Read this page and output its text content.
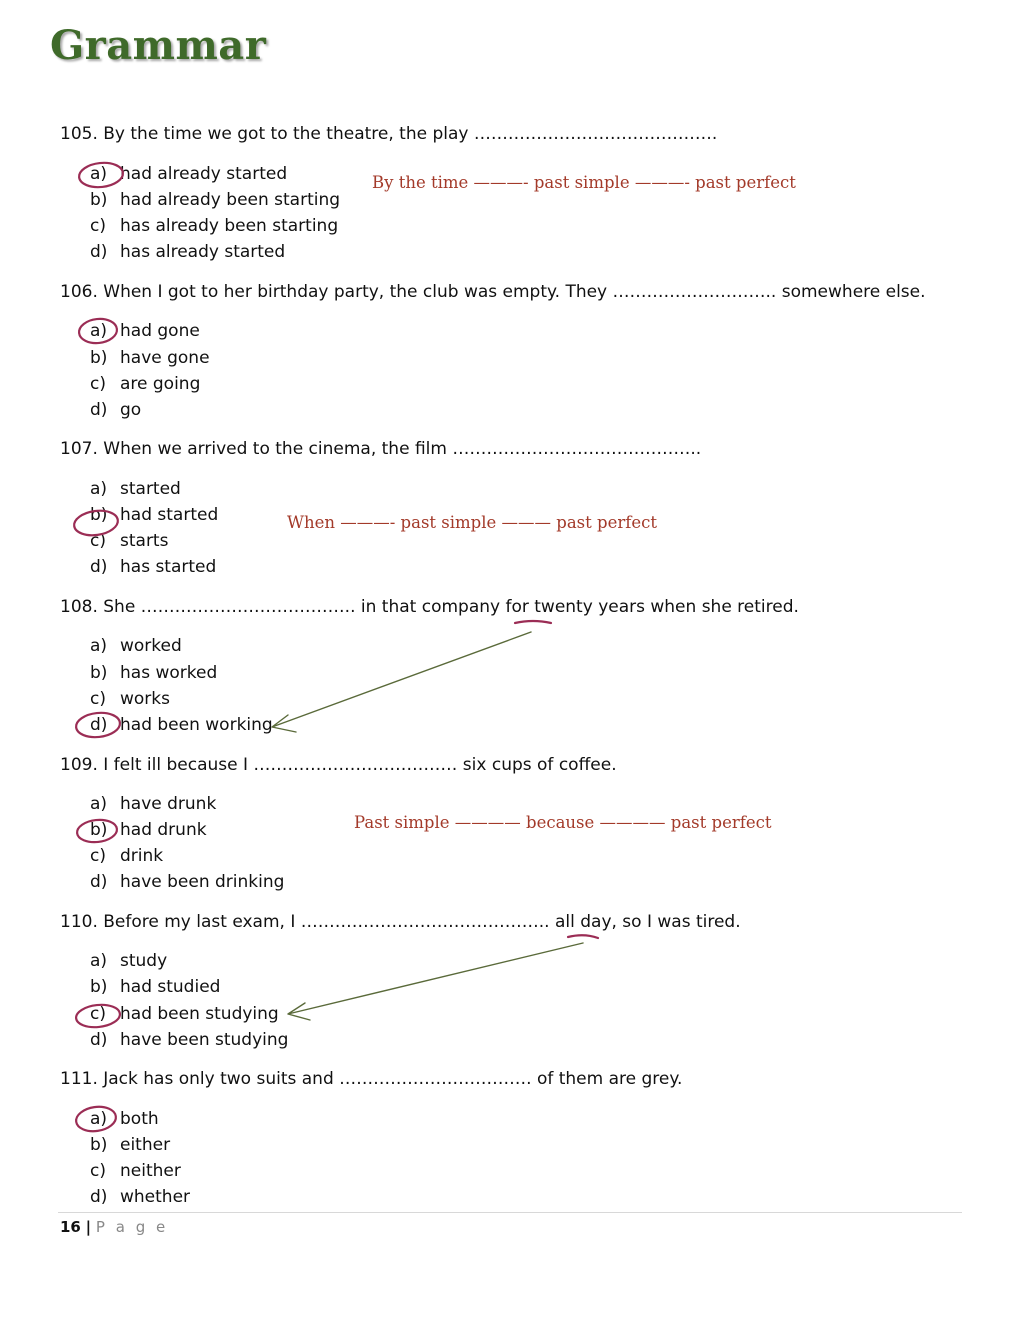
Grammar
105. By the time we got to the theatre, the play …………………………………….
a) had already started
b) had already been starting
c) has already been starting
d) has already started
By the time ———- past simple ———- past perfect
106. When I got to her birthday party, the club was empty. They ……………………….. somewhere else.
a) had gone
b) have gone
c) are going
d) go
107. When we arrived to the cinema, the film ……………………………………..
a) started
b) had started
c) starts
d) has started
When ———- past simple ——— past perfect
108. She ……………………………….. in that company for twenty years when she retired.
a) worked
b) has worked
c) works
d) had been working
109. I felt ill because I ……………………………… six cups of coffee.
a) have drunk
b) had drunk
c) drink
d) have been drinking
Past simple ———— because ———— past perfect
110. Before my last exam, I …………………………………….. all day, so I was tired.
a) study
b) had studied
c) had been studying
d) have been studying
111. Jack has only two suits and ……………………………. of them are grey.
a) both
b) either
c) neither
d) whether
16 | P a g e
